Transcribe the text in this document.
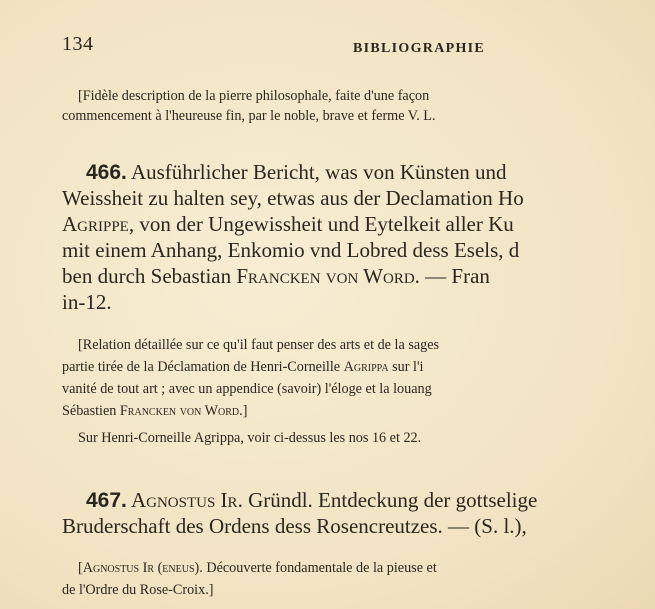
134	BIBLIOGRAPHIE
[Fidèle description de la pierre philosophale, faite d'une façon
commencement à l'heureuse fin, par le noble, brave et ferme V. L.
466. Ausführlicher Bericht, was von Künsten und
Weissheit zu halten sey, etwas aus der Declamation Ho
Agrippe, von der Ungewissheit und Eytelkeit aller Ku
mit einem Anhang, Enkomio vnd Lobred dess Esels, d
ben durch Sebastian Francken von Word. — Fran
in-12.
[Relation détaillée sur ce qu'il faut penser des arts et de la sages
partie tirée de la Déclamation de Henri-Corneille Agrippa sur l'i
vanité de tout art ; avec un appendice (savoir) l'éloge et la louang
Sébastien Francken von Word.]
Sur Henri-Corneille Agrippa, voir ci-dessus les nos 16 et 22.
467. Agnostus Ir. Gründl. Entdeckung der gottselige
Bruderschaft des Ordens dess Rosencreutzes. — (S. l.),
[Agnostus Ir (eneus). Découverte fondamentale de la pieuse et
de l'Ordre du Rose-Croix.]
